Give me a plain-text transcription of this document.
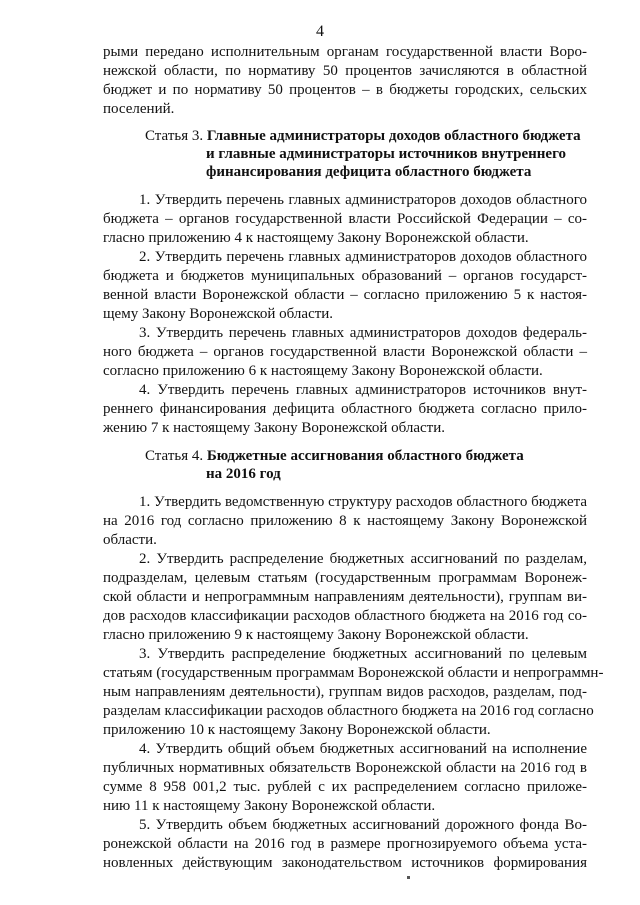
4
рыми передано исполнительным органам государственной власти Воро-
нежской области, по нормативу 50 процентов зачисляются в областной
бюджет и по нормативу 50 процентов – в бюджеты городских, сельских
поселений.
Статья 3. Главные администраторы доходов областного бюджета
и главные администраторы источников внутреннего
финансирования дефицита областного бюджета
1. Утвердить перечень главных администраторов доходов областного
бюджета – органов государственной власти Российской Федерации – со-
гласно приложению 4 к настоящему Закону Воронежской области.
2. Утвердить перечень главных администраторов доходов областного
бюджета и бюджетов муниципальных образований – органов государст-
венной власти Воронежской области – согласно приложению 5 к настоя-
щему Закону Воронежской области.
3. Утвердить перечень главных администраторов доходов федераль-
ного бюджета – органов государственной власти Воронежской области –
согласно приложению 6 к настоящему Закону Воронежской области.
4. Утвердить перечень главных администраторов источников внут-
реннего финансирования дефицита областного бюджета согласно прило-
жению 7 к настоящему Закону Воронежской области.
Статья 4. Бюджетные ассигнования областного бюджета
на 2016 год
1. Утвердить ведомственную структуру расходов областного бюджета
на 2016 год согласно приложению 8 к настоящему Закону Воронежской
области.
2. Утвердить распределение бюджетных ассигнований по разделам,
подразделам, целевым статьям (государственным программам Воронеж-
ской области и непрограммным направлениям деятельности), группам ви-
дов расходов классификации расходов областного бюджета на 2016 год со-
гласно приложению 9 к настоящему Закону Воронежской области.
3. Утвердить распределение бюджетных ассигнований по целевым
статьям (государственным программам Воронежской области и непрограммн-
ным направлениям деятельности), группам видов расходов, разделам, под-
разделам классификации расходов областного бюджета на 2016 год согласно
приложению 10 к настоящему Закону Воронежской области.
4. Утвердить общий объем бюджетных ассигнований на исполнение
публичных нормативных обязательств Воронежской области на 2016 год в
сумме 8 958 001,2 тыс. рублей с их распределением согласно приложе-
нию 11 к настоящему Закону Воронежской области.
5. Утвердить объем бюджетных ассигнований дорожного фонда Во-
ронежской области на 2016 год в размере прогнозируемого объема уста-
новленных действующим законодательством источников формирования
